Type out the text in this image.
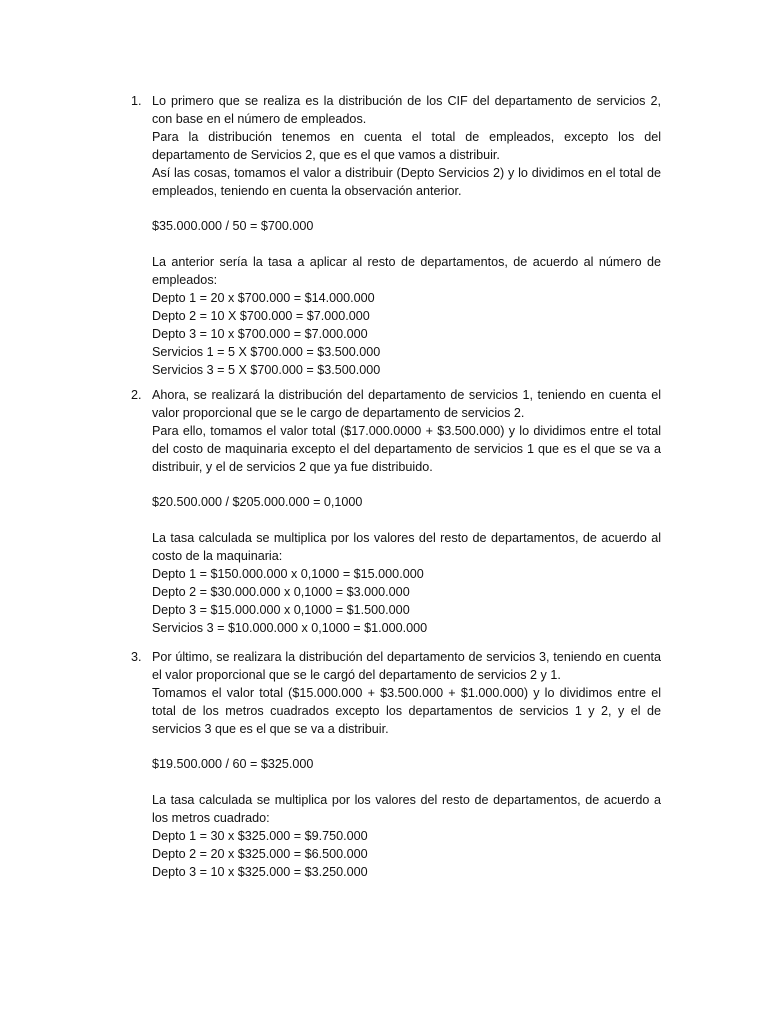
1. Lo primero que se realiza es la distribución de los CIF del departamento de servicios 2, con base en el número de empleados.

Para la distribución tenemos en cuenta el total de empleados, excepto los del departamento de Servicios 2, que es el que vamos a distribuir.

Así las cosas, tomamos el valor a distribuir (Depto Servicios 2) y lo dividimos en el total de empleados, teniendo en cuenta la observación anterior.

$35.000.000 / 50 = $700.000

La anterior sería la tasa a aplicar al resto de departamentos, de acuerdo al número de empleados:

Depto 1 = 20 x $700.000 = $14.000.000

Depto 2 = 10 X $700.000 = $7.000.000

Depto 3 = 10 x $700.000 = $7.000.000

Servicios 1 = 5 X $700.000 = $3.500.000

Servicios 3 = 5 X $700.000 = $3.500.000

2. Ahora, se realizará la distribución del departamento de servicios 1, teniendo en cuenta el valor proporcional que se le cargo de departamento de servicios 2.

Para ello, tomamos el valor total ($17.000.0000 + $3.500.000) y lo dividimos entre el total del costo de maquinaria excepto el del departamento de servicios 1 que es el que se va a distribuir, y el de servicios 2 que ya fue distribuido.

$20.500.000 / $205.000.000 = 0,1000

La tasa calculada se multiplica por los valores del resto de departamentos, de acuerdo al costo de la maquinaria:

Depto 1 = $150.000.000 x 0,1000 = $15.000.000

Depto 2 = $30.000.000 x 0,1000 = $3.000.000

Depto 3 = $15.000.000 x 0,1000 = $1.500.000

Servicios 3 = $10.000.000 x 0,1000 = $1.000.000

3. Por último, se realizara la distribución del departamento de servicios 3, teniendo en cuenta el valor proporcional que se le cargó del departamento de servicios 2 y 1.

Tomamos el valor total ($15.000.000 + $3.500.000 + $1.000.000) y lo dividimos entre el total de los metros cuadrados excepto los departamentos de servicios 1 y 2, y el de servicios 3 que es el que se va a distribuir.

$19.500.000 / 60 = $325.000

La tasa calculada se multiplica por los valores del resto de departamentos, de acuerdo a los metros cuadrado:

Depto 1 = 30 x $325.000 = $9.750.000

Depto 2 = 20 x $325.000 = $6.500.000

Depto 3 = 10 x $325.000 = $3.250.000
